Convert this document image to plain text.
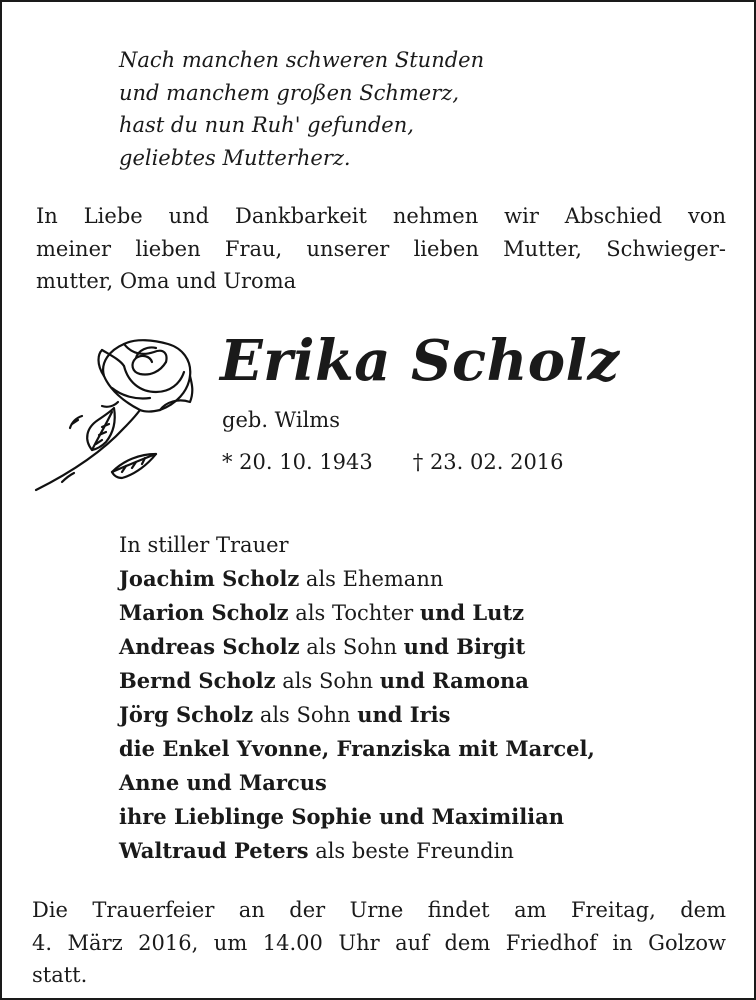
Nach manchen schweren Stunden
und manchem großen Schmerz,
hast du nun Ruh' gefunden,
geliebtes Mutterherz.
In Liebe und Dankbarkeit nehmen wir Abschied von
meiner lieben Frau, unserer lieben Mutter, Schwieger-
mutter, Oma und Uroma
Erika Scholz
geb. Wilms
* 20. 10. 1943 † 23. 02. 2016
In stiller Trauer
Joachim Scholz als Ehemann
Marion Scholz als Tochter und Lutz
Andreas Scholz als Sohn und Birgit
Bernd Scholz als Sohn und Ramona
Jörg Scholz als Sohn und Iris
die Enkel Yvonne, Franziska mit Marcel,
Anne und Marcus
ihre Lieblinge Sophie und Maximilian
Waltraud Peters als beste Freundin
Die Trauerfeier an der Urne findet am Freitag, dem
4. März 2016, um 14.00 Uhr auf dem Friedhof in Golzow
statt.
